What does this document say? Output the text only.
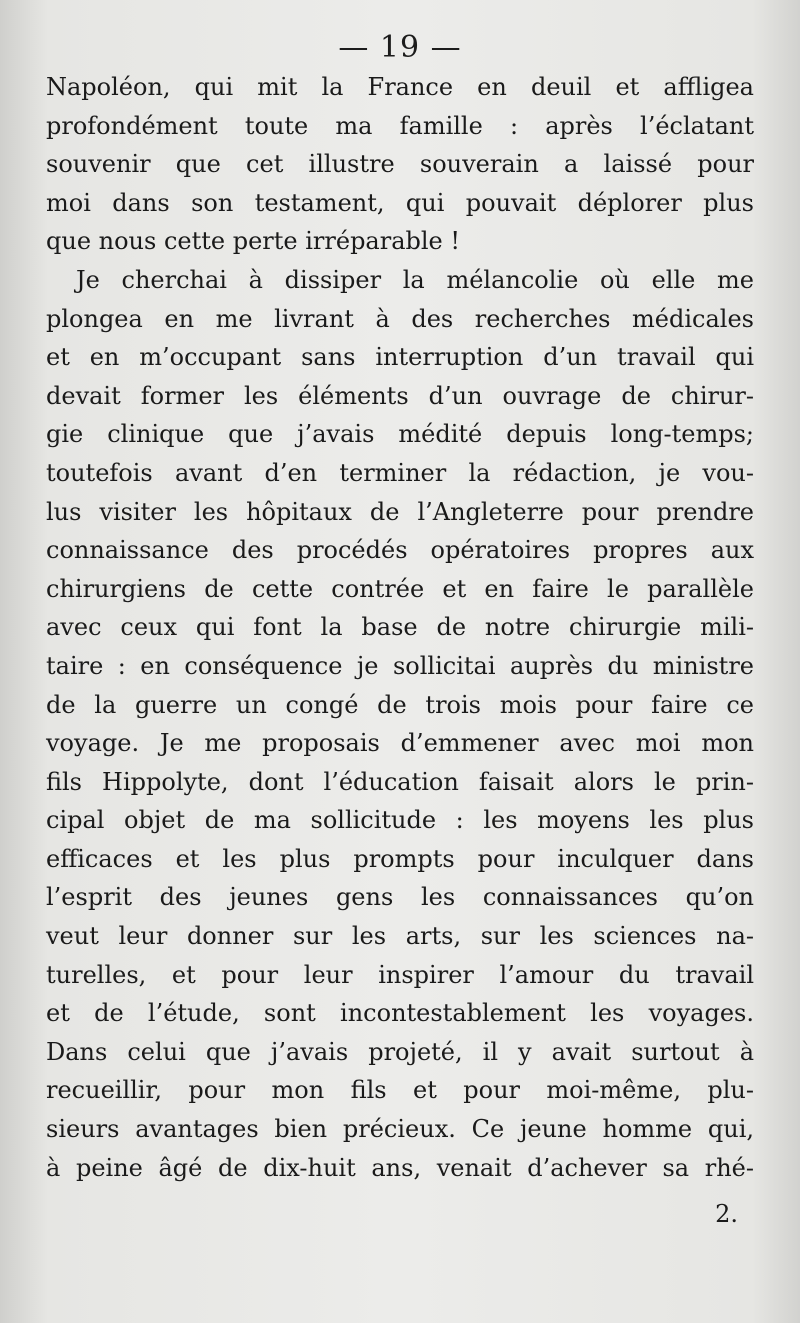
— 19 —
Napoléon, qui mit la France en deuil et affligea
profondément toute ma famille : après l’éclatant
souvenir que cet illustre souverain a laissé pour
moi dans son testament, qui pouvait déplorer plus
que nous cette perte irréparable !
Je cherchai à dissiper la mélancolie où elle me
plongea en me livrant à des recherches médicales
et en m’occupant sans interruption d’un travail qui
devait former les éléments d’un ouvrage de chirur-
gie clinique que j’avais médité depuis long-temps;
toutefois avant d’en terminer la rédaction, je vou-
lus visiter les hôpitaux de l’Angleterre pour prendre
connaissance des procédés opératoires propres aux
chirurgiens de cette contrée et en faire le parallèle
avec ceux qui font la base de notre chirurgie mili-
taire : en conséquence je sollicitai auprès du ministre
de la guerre un congé de trois mois pour faire ce
voyage. Je me proposais d’emmener avec moi mon
fils Hippolyte, dont l’éducation faisait alors le prin-
cipal objet de ma sollicitude : les moyens les plus
efficaces et les plus prompts pour inculquer dans
l’esprit des jeunes gens les connaissances qu’on
veut leur donner sur les arts, sur les sciences na-
turelles, et pour leur inspirer l’amour du travail
et de l’étude, sont incontestablement les voyages.
Dans celui que j’avais projeté, il y avait surtout à
recueillir, pour mon fils et pour moi-même, plu-
sieurs avantages bien précieux. Ce jeune homme qui,
à peine âgé de dix-huit ans, venait d’achever sa rhé-
2.
